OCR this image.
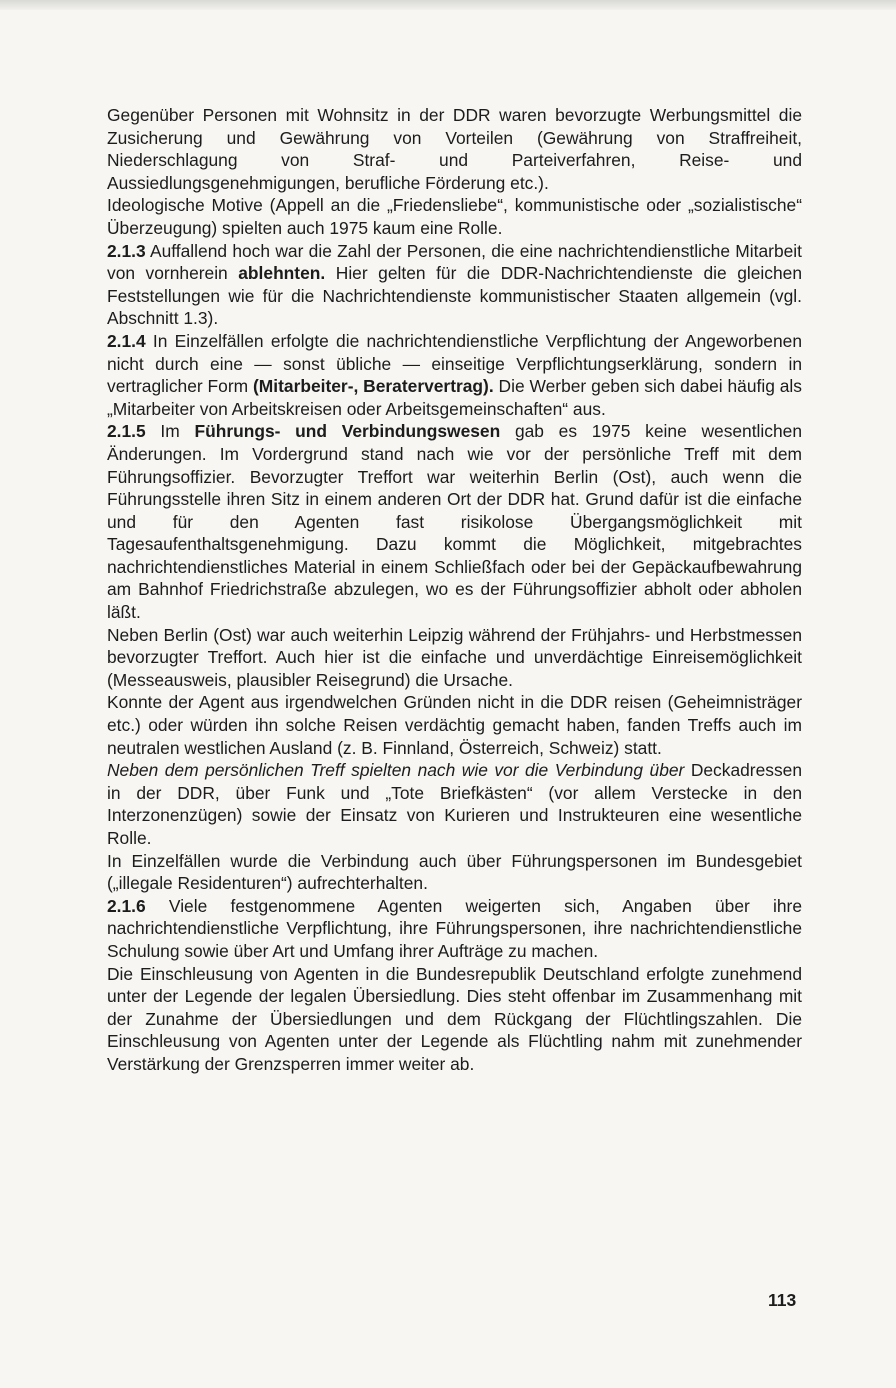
Gegenüber Personen mit Wohnsitz in der DDR waren bevorzugte Werbungsmittel die Zusicherung und Gewährung von Vorteilen (Gewährung von Straffreiheit, Niederschlagung von Straf- und Parteiverfahren, Reise- und Aussiedlungsgenehmigungen, berufliche Förderung etc.).

Ideologische Motive (Appell an die „Friedensliebe“, kommunistische oder „sozialistische“ Überzeugung) spielten auch 1975 kaum eine Rolle.

2.1.3 Auffallend hoch war die Zahl der Personen, die eine nachrichtendienstliche Mitarbeit von vornherein ablehnten. Hier gelten für die DDR-Nachrichtendienste die gleichen Feststellungen wie für die Nachrichtendienste kommunistischer Staaten allgemein (vgl. Abschnitt 1.3).

2.1.4 In Einzelfällen erfolgte die nachrichtendienstliche Verpflichtung der Angeworbenen nicht durch eine — sonst übliche — einseitige Verpflichtungserklärung, sondern in vertraglicher Form (Mitarbeiter-, Beratervertrag). Die Werber geben sich dabei häufig als „Mitarbeiter von Arbeitskreisen oder Arbeitsgemeinschaften“ aus.

2.1.5 Im Führungs- und Verbindungswesen gab es 1975 keine wesentlichen Änderungen. Im Vordergrund stand nach wie vor der persönliche Treff mit dem Führungsoffizier. Bevorzugter Treffort war weiterhin Berlin (Ost), auch wenn die Führungsstelle ihren Sitz in einem anderen Ort der DDR hat. Grund dafür ist die einfache und für den Agenten fast risikolose Übergangsmöglichkeit mit Tagesaufenthaltsgenehmigung. Dazu kommt die Möglichkeit, mitgebrachtes nachrichtendienstliches Material in einem Schließfach oder bei der Gepäckaufbewahrung am Bahnhof Friedrichstraße abzulegen, wo es der Führungsoffizier abholt oder abholen läßt.

Neben Berlin (Ost) war auch weiterhin Leipzig während der Frühjahrs- und Herbstmessen bevorzugter Treffort. Auch hier ist die einfache und unverdächtige Einreisemöglichkeit (Messeausweis, plausibler Reisegrund) die Ursache.

Konnte der Agent aus irgendwelchen Gründen nicht in die DDR reisen (Geheimnisträger etc.) oder würden ihn solche Reisen verdächtig gemacht haben, fanden Treffs auch im neutralen westlichen Ausland (z. B. Finnland, Österreich, Schweiz) statt.

Neben dem persönlichen Treff spielten nach wie vor die Verbindung über Deckadressen in der DDR, über Funk und „Tote Briefkästen“ (vor allem Verstecke in den Interzonenzügen) sowie der Einsatz von Kurieren und Instrukteuren eine wesentliche Rolle.

In Einzelfällen wurde die Verbindung auch über Führungspersonen im Bundesgebiet („illegale Residenturen“) aufrechterhalten.

2.1.6 Viele festgenommene Agenten weigerten sich, Angaben über ihre nachrichtendienstliche Verpflichtung, ihre Führungspersonen, ihre nachrichtendienstliche Schulung sowie über Art und Umfang ihrer Aufträge zu machen.

Die Einschleusung von Agenten in die Bundesrepublik Deutschland erfolgte zunehmend unter der Legende der legalen Übersiedlung. Dies steht offenbar im Zusammenhang mit der Zunahme der Übersiedlungen und dem Rückgang der Flüchtlingszahlen. Die Einschleusung von Agenten unter der Legende als Flüchtling nahm mit zunehmender Verstärkung der Grenzsperren immer weiter ab.

113
